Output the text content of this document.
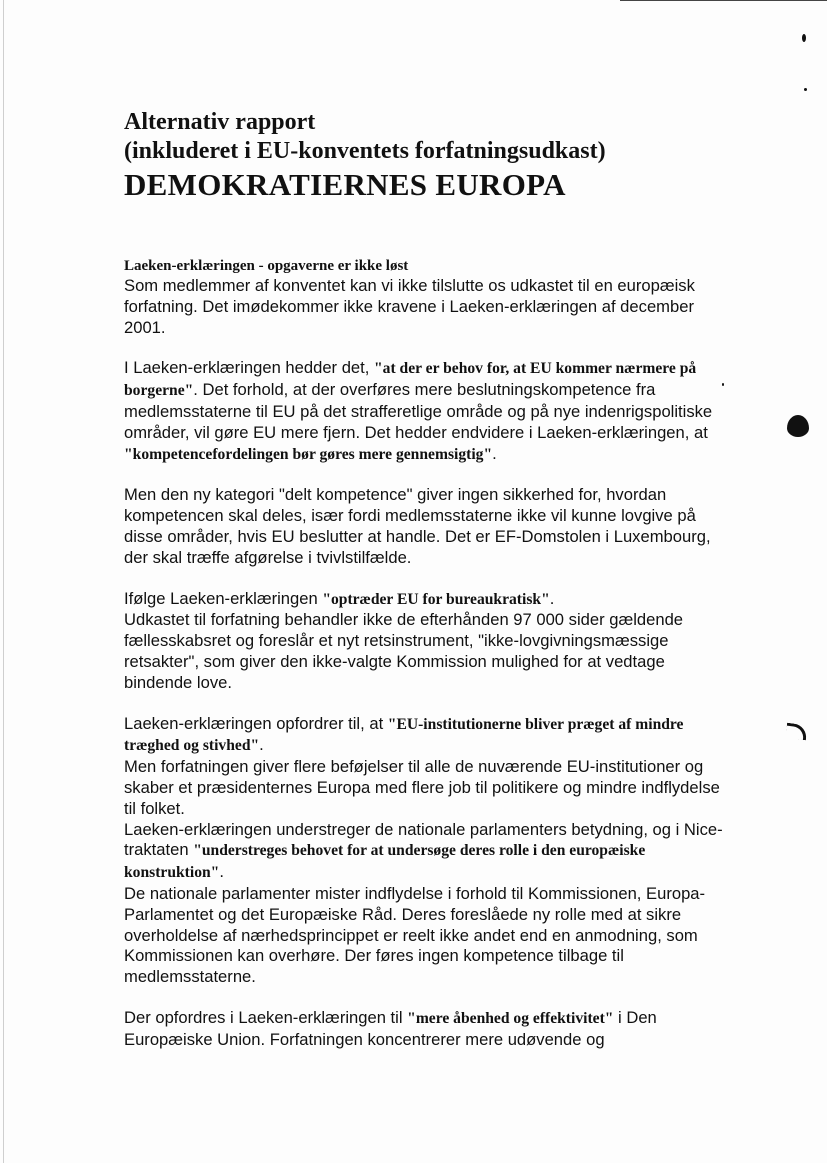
Alternativ rapport
(inkluderet i EU-konventets forfatningsudkast)
DEMOKRATIERNES EUROPA

Laeken-erklæringen - opgaverne er ikke løst

Som medlemmer af konventet kan vi ikke tilslutte os udkastet til en europæisk forfatning. Det imødekommer ikke kravene i Laeken-erklæringen af december 2001.

I Laeken-erklæringen hedder det, "at der er behov for, at EU kommer nærmere på borgerne". Det forhold, at der overføres mere beslutningskompetence fra medlemsstaterne til EU på det strafferetlige område og på nye indenrigspolitiske områder, vil gøre EU mere fjern. Det hedder endvidere i Laeken-erklæringen, at "kompetencefordelingen bør gøres mere gennemsigtig".

Men den ny kategori "delt kompetence" giver ingen sikkerhed for, hvordan kompetencen skal deles, især fordi medlemsstaterne ikke vil kunne lovgive på disse områder, hvis EU beslutter at handle. Det er EF-Domstolen i Luxembourg, der skal træffe afgørelse i tvivlstilfælde.

Ifølge Laeken-erklæringen "optræder EU for bureaukratisk".

Udkastet til forfatning behandler ikke de efterhånden 97 000 sider gældende fællesskabsret og foreslår et nyt retsinstrument, "ikke-lovgivningsmæssige retsakter", som giver den ikke-valgte Kommission mulighed for at vedtage bindende love.

Laeken-erklæringen opfordrer til, at "EU-institutionerne bliver præget af mindre træghed og stivhed".

Men forfatningen giver flere beføjelser til alle de nuværende EU-institutioner og skaber et præsidenternes Europa med flere job til politikere og mindre indflydelse til folket.

Laeken-erklæringen understreger de nationale parlamenters betydning, og i Nice-traktaten "understreges behovet for at undersøge deres rolle i den europæiske konstruktion".

De nationale parlamenter mister indflydelse i forhold til Kommissionen, Europa-Parlamentet og det Europæiske Råd. Deres foreslåede ny rolle med at sikre overholdelse af nærhedsprincippet er reelt ikke andet end en anmodning, som Kommissionen kan overhøre. Der føres ingen kompetence tilbage til medlemsstaterne.

Der opfordres i Laeken-erklæringen til "mere åbenhed og effektivitet" i Den Europæiske Union. Forfatningen koncentrerer mere udøvende og
